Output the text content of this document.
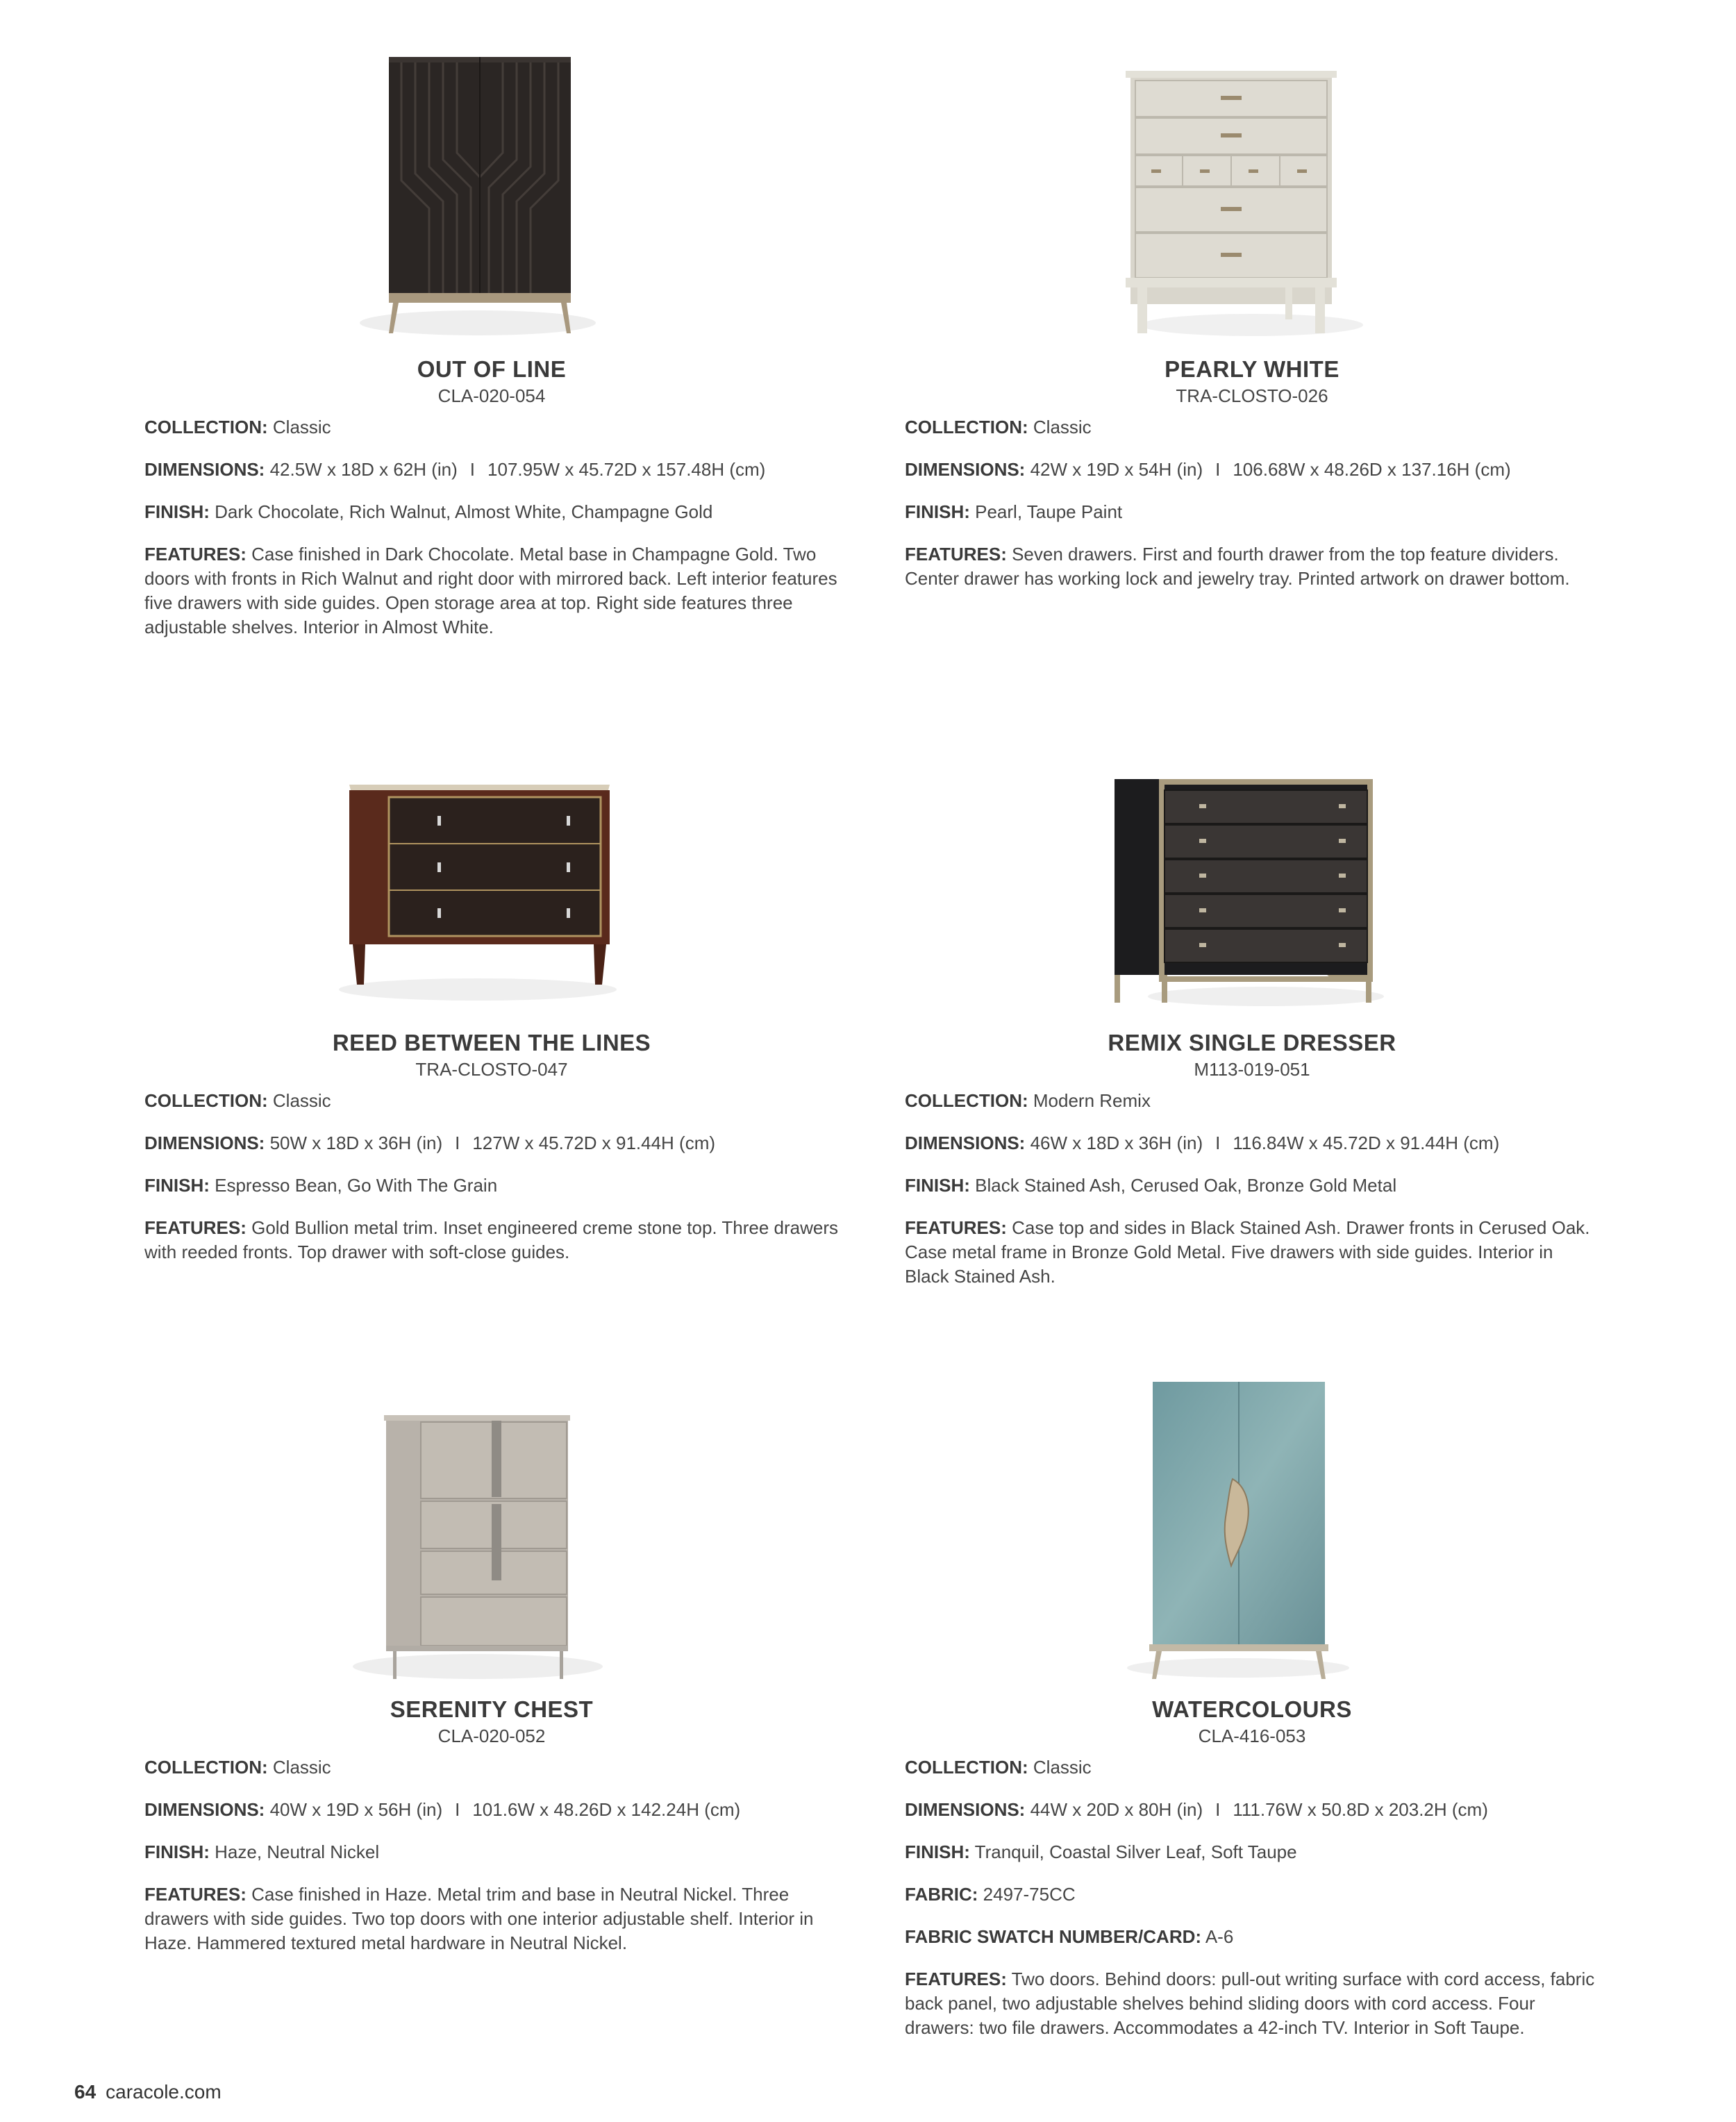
OUT OF LINE
CLA-020-054
COLLECTION: Classic
DIMENSIONS: 42.5W x 18D x 62H (in) I 107.95W x 45.72D x 157.48H (cm)
FINISH: Dark Chocolate, Rich Walnut, Almost White, Champagne Gold
FEATURES: Case finished in Dark Chocolate. Metal base in Champagne Gold. Two doors with fronts in Rich Walnut and right door with mirrored back. Left interior features five drawers with side guides. Open storage area at top. Right side features three adjustable shelves. Interior in Almost White.
PEARLY WHITE
TRA-CLOSTO-026
COLLECTION: Classic
DIMENSIONS: 42W x 19D x 54H (in) I 106.68W x 48.26D x 137.16H (cm)
FINISH: Pearl, Taupe Paint
FEATURES: Seven drawers. First and fourth drawer from the top feature dividers. Center drawer has working lock and jewelry tray. Printed artwork on drawer bottom.
REED BETWEEN THE LINES
TRA-CLOSTO-047
COLLECTION: Classic
DIMENSIONS: 50W x 18D x 36H (in) I 127W x 45.72D x 91.44H (cm)
FINISH: Espresso Bean, Go With The Grain
FEATURES: Gold Bullion metal trim. Inset engineered creme stone top. Three drawers with reeded fronts. Top drawer with soft-close guides.
REMIX SINGLE DRESSER
M113-019-051
COLLECTION: Modern Remix
DIMENSIONS: 46W x 18D x 36H (in) I 116.84W x 45.72D x 91.44H (cm)
FINISH: Black Stained Ash, Cerused Oak, Bronze Gold Metal
FEATURES: Case top and sides in Black Stained Ash. Drawer fronts in Cerused Oak. Case metal frame in Bronze Gold Metal. Five drawers with side guides. Interior in Black Stained Ash.
SERENITY CHEST
CLA-020-052
COLLECTION: Classic
DIMENSIONS: 40W x 19D x 56H (in) I 101.6W x 48.26D x 142.24H (cm)
FINISH: Haze, Neutral Nickel
FEATURES: Case finished in Haze. Metal trim and base in Neutral Nickel. Three drawers with side guides. Two top doors with one interior adjustable shelf. Interior in Haze. Hammered textured metal hardware in Neutral Nickel.
WATERCOLOURS
CLA-416-053
COLLECTION: Classic
DIMENSIONS: 44W x 20D x 80H (in) I 111.76W x 50.8D x 203.2H (cm)
FINISH: Tranquil, Coastal Silver Leaf, Soft Taupe
FABRIC: 2497-75CC
FABRIC SWATCH NUMBER/CARD: A-6
FEATURES: Two doors. Behind doors: pull-out writing surface with cord access, fabric back panel, two adjustable shelves behind sliding doors with cord access. Four drawers: two file drawers. Accommodates a 42-inch TV. Interior in Soft Taupe.
64 caracole.com
